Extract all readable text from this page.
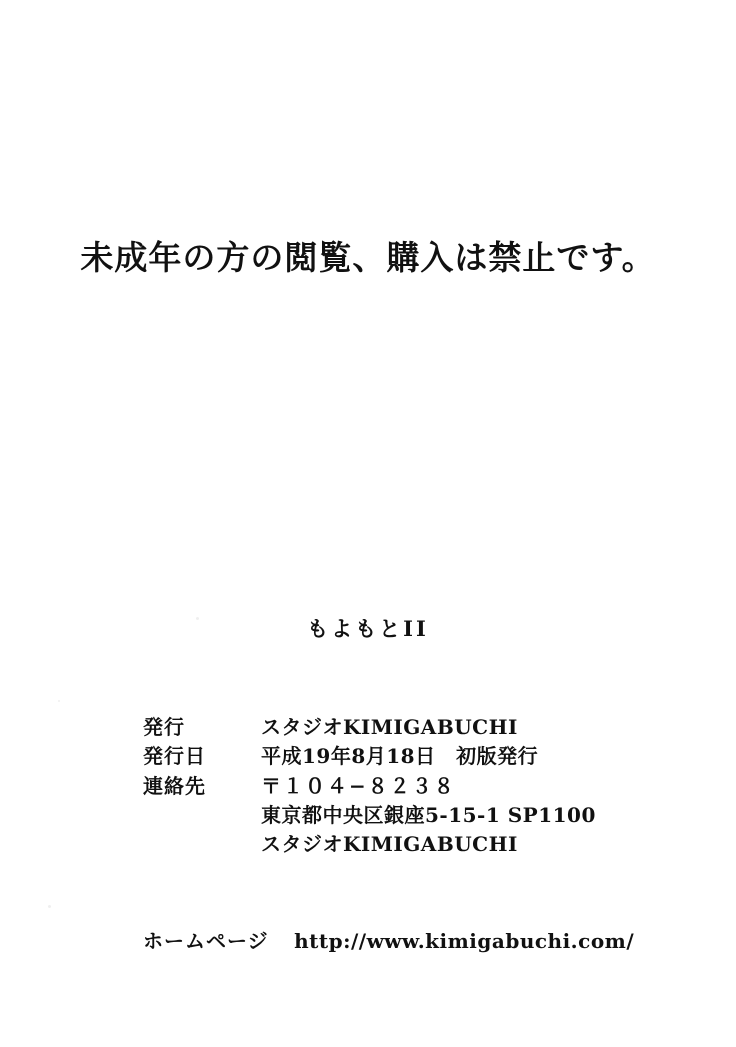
未成年の方の閲覧、購入は禁止です。
もよもとII
発行	スタジオKIMIGABUCHI
発行日	平成19年8月18日　初版発行
連絡先	〒１０４−８２３８
東京都中央区銀座5-15-1 SP1100
スタジオKIMIGABUCHI
ホームページ http://www.kimigabuchi.com/
